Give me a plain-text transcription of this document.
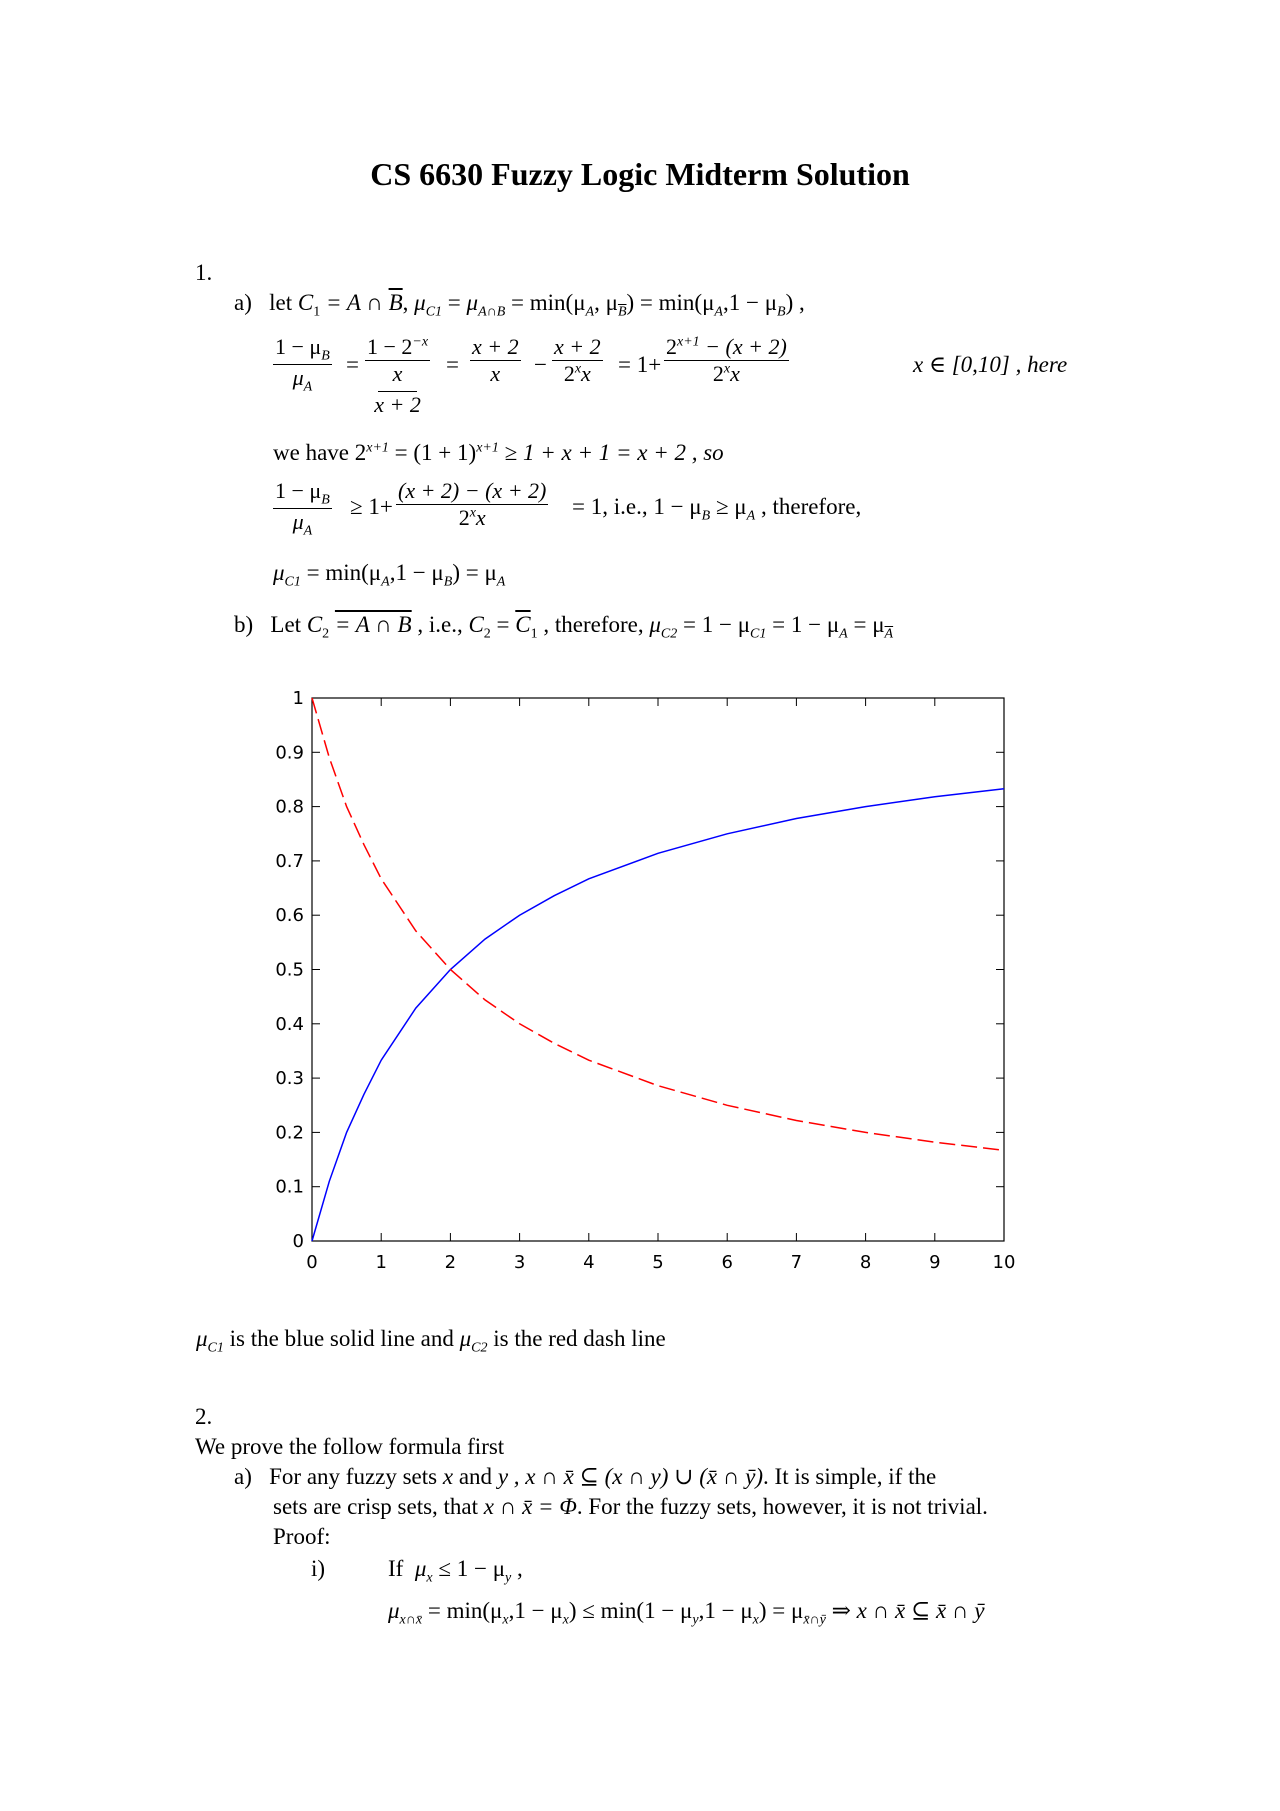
CS 6630 Fuzzy Logic Midterm Solution
1.
a) let $C_1 = A$ ∩ $\overline{B}$, $\mu_{C1} = \mu_{A\cap B} = \min(\mu_A$, $\mu_{\overline{B}}) = \min(\mu_A,1 - \mu_B)$ ,
$1 - \mu_B$
$\mu_A$
=
$1 - 2^{-x}$
x
x + 2
=
x + 2
x	−
x + 2
$2^xx$	= 1+
$2^{x+1} - (x + 2)$
2$^x$x	x ∈ [0,10] , here
we have $2^{x+1} = (1 + 1)^{x+1} \ge 1 + x + 1 = x + 2$ , so
$1 - \mu_B$
$\mu_A$
≥ 1+
(x + 2) − (x + 2)
$2^xx$	= 1, i.e., $1 - \mu_B \ge \mu_A$ , therefore,
$\mu_{C1} = \min(\mu_A,1 - \mu_B) = \mu_A$
b) Let $C_2 = A$ ∩ B , i.e., $C_2 = \overline{C}_1$ , therefore, $\mu_{C2} = 1 - \mu_{C1} = 1 - \mu_A = \mu_{\overline{A}}$
0	1	2	3	4	5	6	7	8	9	10
0
0.1
0.2
0.3
0.4
0.5
0.6
0.7
0.8
0.9
1
$\mu_{C1}$ is the blue solid line and $\mu_{C2}$ is the red dash line
2.
We prove the follow formula first
a) For any fuzzy sets x and y , x ∩ x̄ ⊆ (x ∩ y) ∪ (x̄ ∩ ȳ). It is simple, if the
sets are crisp sets, that x ∩ x̄ = Φ. For the fuzzy sets, however, it is not trivial.
Proof:
i)	If $\mu_x \le 1 - \mu_y$ ,
$\mu_{x\cap x̄} = \min(\mu_x,1 - \mu_x) \le \min(1 - \mu_y,1 - \mu_x) = \mu_{x̄\cap ȳ}$ ⇒ x ∩ x̄ ⊆ x̄ ∩ ȳ
